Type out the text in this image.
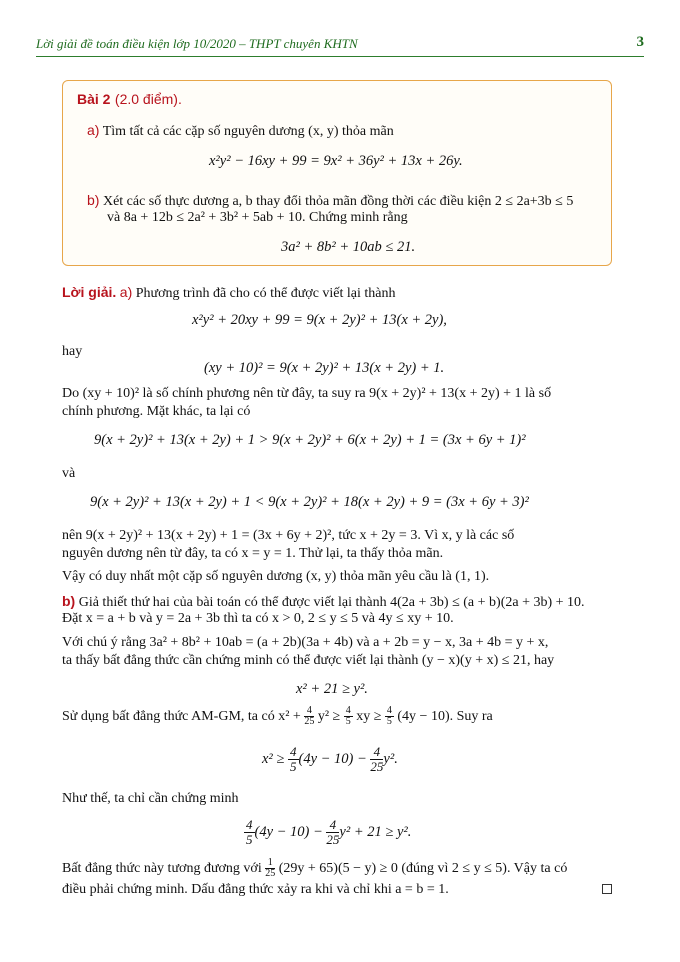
Lời giải đề toán điều kiện lớp 10/2020 – THPT chuyên KHTN	3
Bài 2 (2.0 điểm).
a) Tìm tất cả các cặp số nguyên dương (x, y) thỏa mãn
x²y² − 16xy + 99 = 9x² + 36y² + 13x + 26y.
b) Xét các số thực dương a, b thay đổi thỏa mãn đồng thời các điều kiện 2 ≤ 2a+3b ≤ 5
và 8a + 12b ≤ 2a² + 3b² + 5ab + 10. Chứng minh rằng
3a² + 8b² + 10ab ≤ 21.
Lời giải. a) Phương trình đã cho có thể được viết lại thành
x²y² + 20xy + 99 = 9(x + 2y)² + 13(x + 2y),
hay
(xy + 10)² = 9(x + 2y)² + 13(x + 2y) + 1.
Do (xy + 10)² là số chính phương nên từ đây, ta suy ra 9(x + 2y)² + 13(x + 2y) + 1 là số
chính phương. Mặt khác, ta lại có
9(x + 2y)² + 13(x + 2y) + 1 > 9(x + 2y)² + 6(x + 2y) + 1 = (3x + 6y + 1)²
và
9(x + 2y)² + 13(x + 2y) + 1 < 9(x + 2y)² + 18(x + 2y) + 9 = (3x + 6y + 3)²
nên 9(x + 2y)² + 13(x + 2y) + 1 = (3x + 6y + 2)², tức x + 2y = 3. Vì x, y là các số
nguyên dương nên từ đây, ta có x = y = 1. Thử lại, ta thấy thỏa mãn.
Vậy có duy nhất một cặp số nguyên dương (x, y) thỏa mãn yêu cầu là (1, 1).
b) Giả thiết thứ hai của bài toán có thể được viết lại thành 4(2a + 3b) ≤ (a + b)(2a + 3b) + 10.
Đặt x = a + b và y = 2a + 3b thì ta có x > 0, 2 ≤ y ≤ 5 và 4y ≤ xy + 10.
Với chú ý rằng 3a² + 8b² + 10ab = (a + 2b)(3a + 4b) và a + 2b = y − x, 3a + 4b = y + x,
ta thấy bất đẳng thức cần chứng minh có thể được viết lại thành (y − x)(y + x) ≤ 21, hay
x² + 21 ≥ y².
Sử dụng bất đẳng thức AM-GM, ta có $x^2 + \frac{4}{25} y^2 \ge \frac{4}{5}$ xy ≥ $\frac{4}{5} (4y - 10)$. Suy ra
$x^2 \ge \frac{4}{5} (4y - 10) - \frac{4}{25} y^2$.
Như thế, ta chỉ cần chứng minh
$\frac{4}{5} (4y - 10) - \frac{4}{25} y^2 + 21 \ge y^2$.
Bất đẳng thức này tương đương với $\frac{1}{25} (29y + 65)(5 - y) \ge 0$ (đúng vì 2 ≤ y ≤ 5). Vậy ta có
điều phải chứng minh. Dấu đẳng thức xảy ra khi và chỉ khi a = b = 1.
